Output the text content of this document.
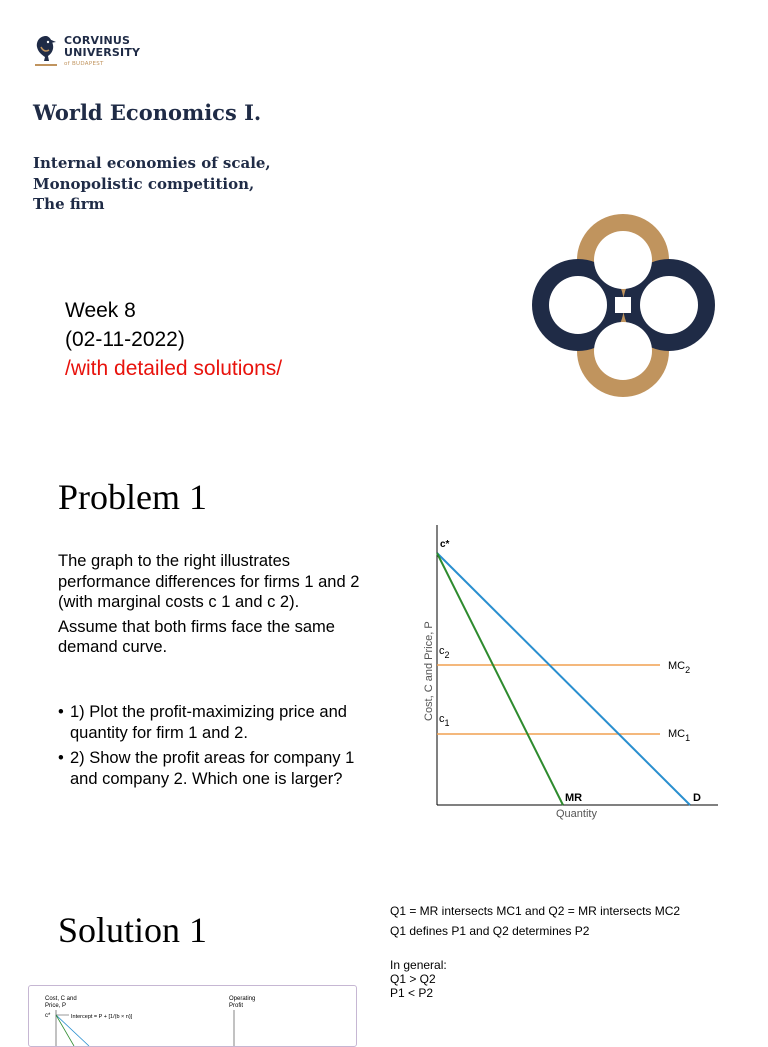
CORVINUS
UNIVERSITY
of BUDAPEST
World Economics I.
Internal economies of scale,
Monopolistic competition,
The firm
Week 8
(02-11-2022)
/with detailed solutions/
Problem 1

The graph to the right illustrates performance differences for firms 1 and 2 (with marginal costs c 1 and c 2).

Assume that both firms face the same demand curve.

• 1) Plot the profit-maximizing price and quantity for firm 1 and 2.
• 2) Show the profit areas for company 1 and company 2. Which one is larger?
Cost, C and Price, P
Quantity
c*
$c_2$
$c_1$
$MC_2$
$MC_1$
MR	D
Solution 1	Q1 = MR intersects MC1 and Q2 = MR intersects MC2
Q1 defines P1 and Q2 determines P2
In general:
Q1 > Q2
P1 < P2
Cost, C and
Price, P
c*	Intercept = P + [1/(b × n)]
Operating
Profit
